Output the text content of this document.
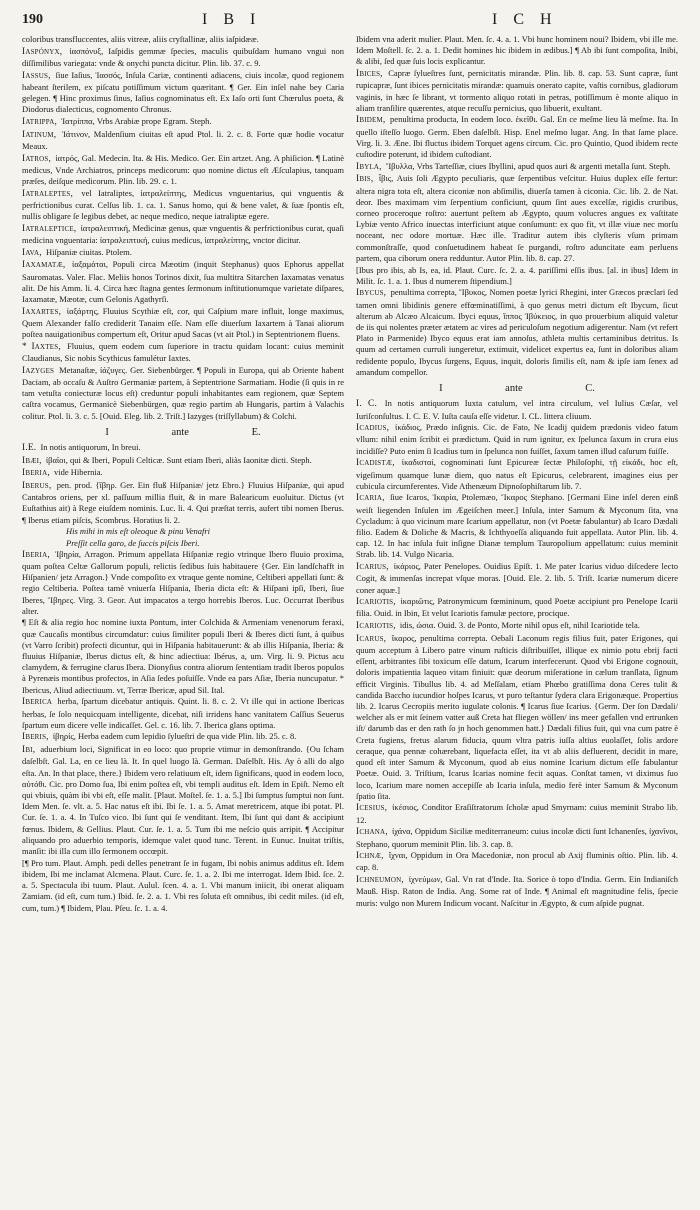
190	I B I	I C H

coloribus transfluccentes, aliis vitreæ, aliis cryſtallinæ, aliis iaſpidææ.

Iaſpónyx, ἰασπόνυξ, Iaſpidis gemmæ ſpecies, maculis quibuſdam humano vngui non diſſimilibus variegata: vnde & onychi puncta dicitur. Plin. lib. 37. c. 9.

Iaſſus, ſiue Iaſius, Ἰασσός, Inſula Cariæ, continenti adiacens, ciuis incolæ, quod regionem habeant ſterilem, ex piſcatu potiſſimum victum quæritant. ¶ Ger. Ein inſel nahe bey Caria gelegen. ¶ Hinc proximus ſinus, Iaſius cognominatus eſt. Ex Iaſo orti ſunt Chœrulus poeta, & Diodorus dialecticus, cognomento Chronus.

Iatrippa, Ἰατρίππα, Vrbs Arabiæ prope Egram. Steph.

Iatinum, Ἰάτινον, Maldenſium ciuitas eſt apud Ptol. li. 2. c. 8. Forte quæ hodie vocatur Meaux.

Iatros, ἰατρός, Gal. Medecin. Ita. & His. Medico. Ger. Ein artzet. Ang. A phiſicion. ¶ Latinè medicus, Vnde Archiatros, princeps medicorum: quo nomine dictus eſt Æſculapius, tanquam præſes, deiſque medicorum. Plin. lib. 29. c. 1.

Iatraleptes, vel Iatraliptes, ἰατραλείπτης, Medicus vnguentarius, qui vnguentis & perfrictionibus curat. Celſus lib. 1. ca. 1. Sanus homo, qui & bene valet, & ſuæ ſpontis eſt, nullis obligare ſe legibus debet, ac neque medico, neque iatraliptæ egere.

Iatraleptice, ἰατραλειπτική, Medicinæ genus, quæ vnguentis & perfrictionibus curat, quaſi medicina vnguentaria: ἰατραλειπτική, cuius medicus, ἰατραλείπτης, vnctor dicitur.

Iava, Hiſpaniæ ciuitas. Ptolem.

Iaxamatæ, ἰαξαμάται, Populi circa Mæotim (inquit Stephanus) quos Ephorus appellat Sauromatas. Valer. Flac. Meliis honos Torinos dixit, ſua multitra Sitarchen Iaxamatas venatus alit. De his Amm. li. 4. Circa hæc ſtagna gentes ſermonum inſtitutionumque varietate diſpares, Iaxamatæ, Mæotæ, cum Gelonis Agathyrſi.

Iaxartes, ἰαξάρτης, Fluuius Scythiæ eſt, cor, qui Caſpium mare influit, longe maximus, Quem Alexander falſo crediderit Tanaim eſſe. Nam eſſe diuerſum Iaxartem à Tanai aliorum poſtea nauigationibus compertum eſt, Oritur apud Sacas (vt ait Ptol.) in Septentrionem fluens.

* Iaxtes, Fluuius, quem eodem cum ſuperiore in tractu quidam locant: cuius meminit Claudianus, Sic nobis Scythicus famulétur Iaxtes.

Iazyges Metanaſtæ, ἰάζυγες. Ger. Siebenbürger. ¶ Populi in Europa, qui ab Oriente habent Daciam, ab occaſu & Auſtro Germaniæ partem, à Septentrione Sarmatiam. Hodie (ſi quis in re tam vetuſta coniecturæ locus eſt) creduntur populi inhabitantes eam regionem, quæ Septem caſtra vocamus, Germanicè Siebenbürgen, quæ regio partim ab Hungaris, partim à Valachis colitur. Ptol. li. 3. c. 5. [Ouid. Eleg. lib. 2. Triſt.] Iazyges (triſſyllabum) & Colchi.

I ante E.

I.E. In notis antiquorum, In breui.

Ibæi, ἰβαῖοι, qui & Iberi, Populi Celticæ. Sunt etiam Iberi, aliàs Iaonitæ dicti. Steph.

Iberia, vide Hibernia.

Iberus, pen. prod. {ἴβηρ. Ger. Ein fluß Hiſpaniæ/ jetz Ebro.} Fluuius Hiſpaniæ, qui apud Cantabros oriens, per xl. paſſuum millia fluit, & in mare Balearicum euoluitur. Dictus (vt Euſtathius ait) à Rege eiuſdem nominis. Luc. li. 4. Qui præſtat terris, aufert tibi nomen Iberus. ¶ Iberus etiam piſcis, Scombrus. Horatius li. 2.

His mihi in mis eſt oleoque & pinu Venafri
Preſſit cella garo, de ſuccis piſcis Iberi.

Iberia, Ἰβηρία, Arragon. Primum appellata Hiſpaniæ regio vtrinque Ibero fluuio proxima, quam poſtea Celtæ Gallorum populi, relictis ſedibus ſuis habitauere {Ger. Ein landſchafft in Hiſpanien/ jetz Arragon.} Vnde compoſito ex vtraque gente nomine, Celtiberi appellati ſunt: & regio Celtiberia. Poſtea tamè vniuerſa Hiſpania, Iberia dicta eſt: & Hiſpani ipſi, Iberi, ſiue Iberes, Ἴβηρες. Virg. 3. Geor. Aut impacatos a tergo horrebis Iberos. Luc. Occurrat Iberibus alter.

¶ Eſt & alia regio hoc nomine iuxta Pontum, inter Colchida & Armeniam venenorum feraxi, quæ Caucaſis montibus circumdatur: cuius ſimiliter populi Iberi & Iberes dicti ſunt, à quibus (vt Varro ſcribit) profecti dicuntur, qui in Hiſpania habitauerunt: & ab illis Hiſpania, Iberia: & fluuius Hiſpaniæ, Iberus dictus eſt, & hinc adiectiua: Ibérus, a, um. Virg. li. 9. Pictus acu clamydem, & ferrugine clarus Ibera. Dionyſius contra aliorum ſententiam tradit Iberos populos à Pyrenæis montibus profectos, in Aſia ſedes poſuiſſe. Vnde ea pars Aſiæ, Iberia nuncupatur. * Ibericus, Aliud adiectiuum. vt, Terræ Ibericæ, apud Sil. Ital.

Iberica herba, ſpartum dicebatur antiquis. Quint. li. 8. c. 2. Vt ille qui in actione Ibericas herbas, ſe ſolo nequicquam intelligente, dicebat, niſi irridens hanc vanitatem Caſſius Seuerus ſpartum eum dicere velle indicaſſet. Gel. c. 16. lib. 7. Iberica glans optima.

Iberis, ἰβηρίς, Herba eadem cum lepidio ſylueſtri de qua vide Plin. lib. 25. c. 8.

Ibi, aduerbium loci, Significat in eo loco: quo proprie vtimur in demonſtrando. {Ou ſcham daſelbſt. Gal. La, en ce lieu là. It. In quel luogo là. German. Daſelbſt. His. Ay ò alli do algo eſta. An. In that place, there.} Ibidem vero relatiuum eſt, idem ſignificans, quod in eodem loco, αὐτόθι. Cic. pro Domo ſua, Ibi enim poſtea eſt, vbi templi auditus eſt. Idem in Epiſt. Nemo eſt qui vbiuis, quàm ibi vbi eſt, eſſe malit. [Plaut. Moſtel. ſe. 1. a. 5.] Ibi ſumptus ſumptui non ſunt. Idem Men. ſe. vlt. a. 5. Hac natus eſt ibi. Ibi ſe. 1. a. 5. Amat meretricem, atque ibi potat. Pl. Cur. ſe. 1. a. 4. In Tuſco vico. Ibi ſunt qui ſe venditant. Item, Ibi ſunt qui dant & accipiunt fœnus. Ibidem, & Gellius. Plaut. Cur. ſe. 1. a. 5. Tum ibi me neſcio quis arripit. ¶ Accipitur aliquando pro aduerbio temporis, idemque valet quod tunc. Terent. in Eunuc. Inuitat triſtis, manſit: ibi illa cum illo ſermonem occœpit.

[¶ Pro tum. Plaut. Amph. pedi delles penetrant ſe in fugam, Ibi nobis animus additus eſt. Idem ibidem, Ibi me inclamat Alcmena. Plaut. Curc. ſe. 1. a. 2. Ibi me interrogat. Idem Ibid. ſce. 2. a. 5. Spectacula ibi tuum. Plaut. Aulul. ſcen. 4. a. 1. Vbi manum iniicit, ibi onerat aliquam Zamiam. (id eſt, cum tum.) Ibid. ſe. 2. a. 1. Vbi res ſoluta eſt omnibus, ibi cedit miles. (id eſt, cum, tum.) ¶ Ibidem, Plau. Pſeu. ſc. 1. a. 4.

Ibidem vna aderit mulier. Plaut. Men. ſc. 4. a. 1. Vbi hunc hominem noui? Ibidem, vbi ille me. Idem Moſtell. ſc. 2. a. 1. Dedit homines hic ibidem in ædibus.] ¶ Ab ibi ſunt compoſita, Inibi, & alibi, ſed quæ ſuis locis explicantur.

Ibices, Capræ ſylueſtres ſunt, pernicitatis mirandæ. Plin. lib. 8. cap. 53. Sunt capræ, ſunt rupicapræ, ſunt ibices pernicitatis mirandæ: quamuis onerato capite, vaſtis cornibus, gladiorum vaginis, in hæc ſe librant, vt tormento aliquo rotati in petras, potiſſimum è monte aliquo in aliam tranſilire quærentes, atque recuſſu pernicius, quo libuerit, exultant.

Ibidem, penultima producta, In eodem loco. ἐκεῖθι. Gal. En ce meſme lieu là meſme. Ita. In quello iſteſſo luogo. Germ. Eben daſelbſt. Hisp. Enel meſmo lugar. Ang. In that ſame place. Virg. li. 3. Æne. Ibi fluctus ibidem Torquet agens circum. Cic. pro Quintio, Quod ibidem recte cuſtodire poterunt, id ibidem cuſtodiant.

Ibyla, Ἴβυλλα, Vrbs Tarteſſiæ, ciues Ibyllini, apud quos auri & argenti metalla ſunt. Steph.

Ibis, ἶβις, Auis ſoli Ægypto peculiaris, quæ ſerpentibus veſcitur. Huius duplex eſſe fertur: altera nigra tota eſt, altera ciconiæ non abſimilis, diuerſa tamen à ciconia. Cic. lib. 2. de Nat. deor. Ibes maximam vim ſerpentium conficiunt, quum ſint aues excelſæ, rigidis cruribus, corneo proceroque roſtro: auertunt peſtem ab Ægypto, quum volucres angues ex vaſtitate Lybiæ vento Africo inuectas interficiunt atque conſumunt: ex quo fit, vt illæ viuæ nec morſu noceant, nec odore mortuæ. Hæc ille. Traditur autem ibis clyſteris vſum primam commonſtraſſe, quod conſuetudinem habeat ſe purgandi, roſtro aduncitate eam perluens partem, qua ciborum onera redduntur. Autor Plin. lib. 8. cap. 27.

[Ibus pro ibis, ab Is, ea, id. Plaut. Curc. ſc. 2. a. 4. pariſſimi eſſis ibus. [al. in ibus] Idem in Milit. ſc. 1. a. 1. Ibus d numerem ſtipendium.]

Ibycus, penultima correpta, Ἴβυκος, Nomen poetæ lyrici Rhegini, inter Græcos præclari ſed tamen omni libidinis genere effœminatiſſimi, à quo genus metri dictum eſt Ibycum, ſicut alterum ab Alcæo Alcaicum. Ibyci equus, ἵππος Ἰβύκειος, in quo prouerbium aliquid valetur de iis qui nolentes præter ætatem ac vires ad periculoſum negotium adigerentur. Nam (vt refert Plato in Parmenide) Ibyco equus erat iam annoſus, athleta multis certaminibus detritus. Is quum ad certamen curruli iungeretur, extimuit, videlicet expertus ea, ſunt in doloribus aliam redidente populo, Ibycus ſurgens, Equus, inquit, doloris ſimilis eſt, nam & ipſe iam ſenex ad amandum compellor.

I ante C.

I. C. In notis antiquorum Iuxta catulum, vel intra circulum, vel Iulius Cæſar, vel Iuriſconſultus. I. C. E. V. Iuſta cauſa eſſe videtur. I. CL. littera cliuum.

Icadius, ἰκάδιος, Prædo inſignis. Cic. de Fato, Ne Icadij quidem prædonis video fatum vllum: nihil enim ſcribit ei prædictum. Quid in rum ignitur, ex ſpelunca ſaxum in crura eius incidiſſe? Puto enim ſi Icadius tum in ſpelunca non fuiſſet, ſaxum tamen illud caſurum fuiſſe.

Icadiſtæ, ἰκαδισταί, cognominati ſunt Epicureæ ſectæ Philoſophi, τῇ εἰκάδι, hoc eſt, vigeſimum quamque lunæ diem, quo natus eſt Epicurus, celebrarent, imagines eius per cubicula circumferentes. Vide Athenæum Dipnoſophiſtarum lib. 7.

Icaria, ſiue Icaros, Ἰκαρία, Ptolemæo, Ἴκαρος Stephano. [Germani Eine inſel deren einß weiſt liegenden Inſulen im Ægeiſchen meer.] Inſula, inter Samum & Myconum ſita, vna Cycladum: à quo vicinum mare Icarium appellatur, non (vt Poetæ fabulantur) ab Icaro Dædali filio. Eadem & Doliche & Macris, & Ichthyoeſſa aliquando fuit appellata. Autor Plin. lib. 4. cap. 12. In hac inſula fuit inſigne Dianæ templum Tauropolium appellatum: cuius meminit Strab. lib. 14. Vulgo Nicaria.

Icarius, ἰκάριος, Pater Penelopes. Ouidius Epiſt. 1. Me pater Icarius viduo diſcedere lecto Cogit, & immenſas increpat vſque moras. [Ouid. Ele. 2. lib. 5. Triſt. Icariæ numerum dicere coner aquæ.]

Icariotis, ἰκαριῶτις, Patronymicum fœmininum, quod Poetæ accipiunt pro Penelope Icarii filia. Ouid. in Ibin, Et velut Icariotis famulæ pectore, procique.

Icariotis, idis, ὠσια. Ouid. 3. de Ponto, Morte nihil opus eſt, nihil Icariotide tela.

Icarus, ἴκαρος, penultima correpta. Oebali Laconum regis filius fuit, pater Erigones, qui quum acceptum à Libero patre vinum ruſticis diſtribuiſſet, illique ex nimio potu ebrij facti eſſent, arbitrantes ſibi toxicum eſſe datum, Icarum interfecerunt. Quod vbi Erigone cognouit, doloris impatientia laqueo vitam finiuit: quæ deorum miſeratione in cælum tranſlata, ſignum efficit Virginis. Tibullus lib. 4. ad Meſſalam, etiam Phœbo gratiſſima dona Ceres tulit & candida Baccho iucundior hoſpes Icarus, vt puro teſtantur ſydera clara Erigonæque. Propertius lib. 2. Icarus Cecropiis merito iugulate colonis. ¶ Icarus ſiue Icarius. {Germ. Der ſon Dædali/ welcher als er mit ſeinem vatter auß Creta hat fliegen wöllen/ ins meer gefallen vnd ertrunken iſt/ darumb das er den rath ſo jn hoch genommen hatt.} Dædali filius fuit, qui vna cum patre è Creta fugiens, fretus alarum fiducia, quum vltra patris iuſſa altius euolaſſet, ſolis ardore ceraque, qua pennæ cohærebant, liquefacta eſſet, ita vt ab aliis defluerent, decidit in mare, quod eſt inter Samum & Myconum, quod ab eius nomine Icarium dictum eſſe fabulantur Poetæ. Ouid. 3. Triſtium, Icarus Icarias nomine fecit aquas. Conſtat tamen, vt diximus ſuo loco, Icarium mare nomen accepiſſe ab Icaria inſula, medio ferè inter Samum & Myconum ſpatio ſita.

Iceſius, ἰκέσιος, Conditor Eraſiſtratorum ſcholæ apud Smyrnam: cuius meminit Strabo lib. 12.

Ichana, ἰχάνα, Oppidum Siciliæ mediterraneum: cuius incolæ dicti ſunt Ichanenſes, ἰχανῖνοι, Stephano, quorum meminit Plin. lib. 3. cap. 8.

Ichnæ, ἴχναι, Oppidum in Ora Macedoniæ, non procul ab Axij fluminis oſtio. Plin. lib. 4. cap. 8.

Ichneumon, ἰχνεύμων, Gal. Vn rat d'Inde. Ita. Sorice ò topo d'India. Germ. Ein Indianiſch Mauß. Hisp. Raton de India. Ang. Some rat of Inde. ¶ Animal eſt magnitudine felis, ſpecie muris: vulgo non Murem Indicum vocant. Naſcitur in Ægypto, & cum aſpide pugnat.
